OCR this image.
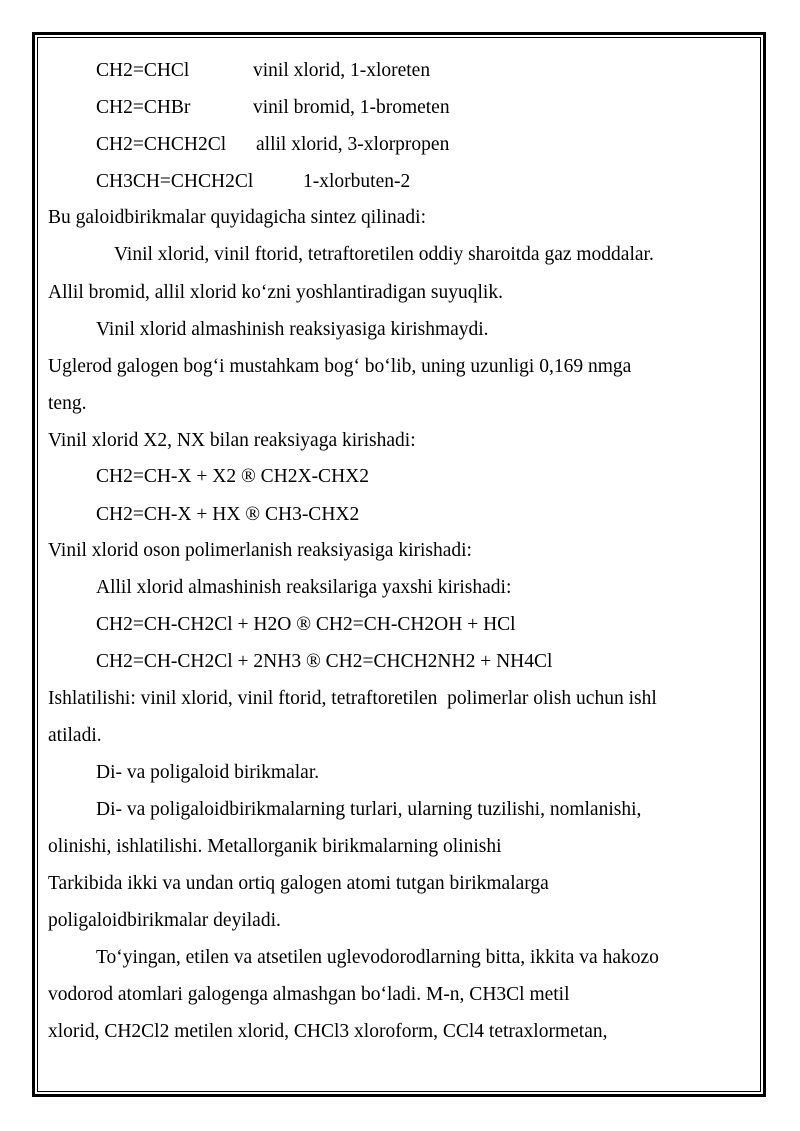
CH2=CHCl	vinil xlorid, 1-xloreten
CH2=CHBr	vinil bromid, 1-brometen
CH2=CHCH2Cl allil xlorid, 3-xlorpropen
CH3CH=CHCH2Cl	1-xlorbuten-2
Bu galoidbirikmalar quyidagicha sintez qilinadi:
Vinil xlorid, vinil ftorid, tetraftoretilen oddiy sharoitda gaz moddalar.
Allil bromid, allil xlorid koʻzni yoshlantiradigan suyuqlik.
Vinil xlorid almashinish reaksiyasiga kirishmaydi.
Uglerod galogen bogʻi mustahkam bogʻ boʻlib, uning uzunligi 0,169 nmga
teng.
Vinil xlorid X2, NX bilan reaksiyaga kirishadi:
CH2=CH-X + X2 ® CH2X-CHX2
CH2=CH-X + HX ® CH3-CHX2
Vinil xlorid oson polimerlanish reaksiyasiga kirishadi:
Allil xlorid almashinish reaksilariga yaxshi kirishadi:
CH2=CH-CH2Cl + H2O ® CH2=CH-CH2OH + HCl
CH2=CH-CH2Cl + 2NH3 ® CH2=CHCH2NH2 + NH4Cl
Ishlatilishi: vinil xlorid, vinil ftorid, tetraftoretilen  polimerlar olish uchun ishl
atiladi.
Di- va poligaloid birikmalar.
Di- va poligaloidbirikmalarning turlari, ularning tuzilishi, nomlanishi,
olinishi, ishlatilishi. Metallorganik birikmalarning olinishi
Tarkibida ikki va undan ortiq galogen atomi tutgan birikmalarga
poligaloidbirikmalar deyiladi.
Toʻyingan, etilen va atsetilen uglevodorodlarning bitta, ikkita va hakozo
vodorod atomlari galogenga almashgan boʻladi. M-n, CH3Cl metil
xlorid, CH2Cl2 metilen xlorid, CHCl3 xloroform, CCl4 tetraxlormetan,
